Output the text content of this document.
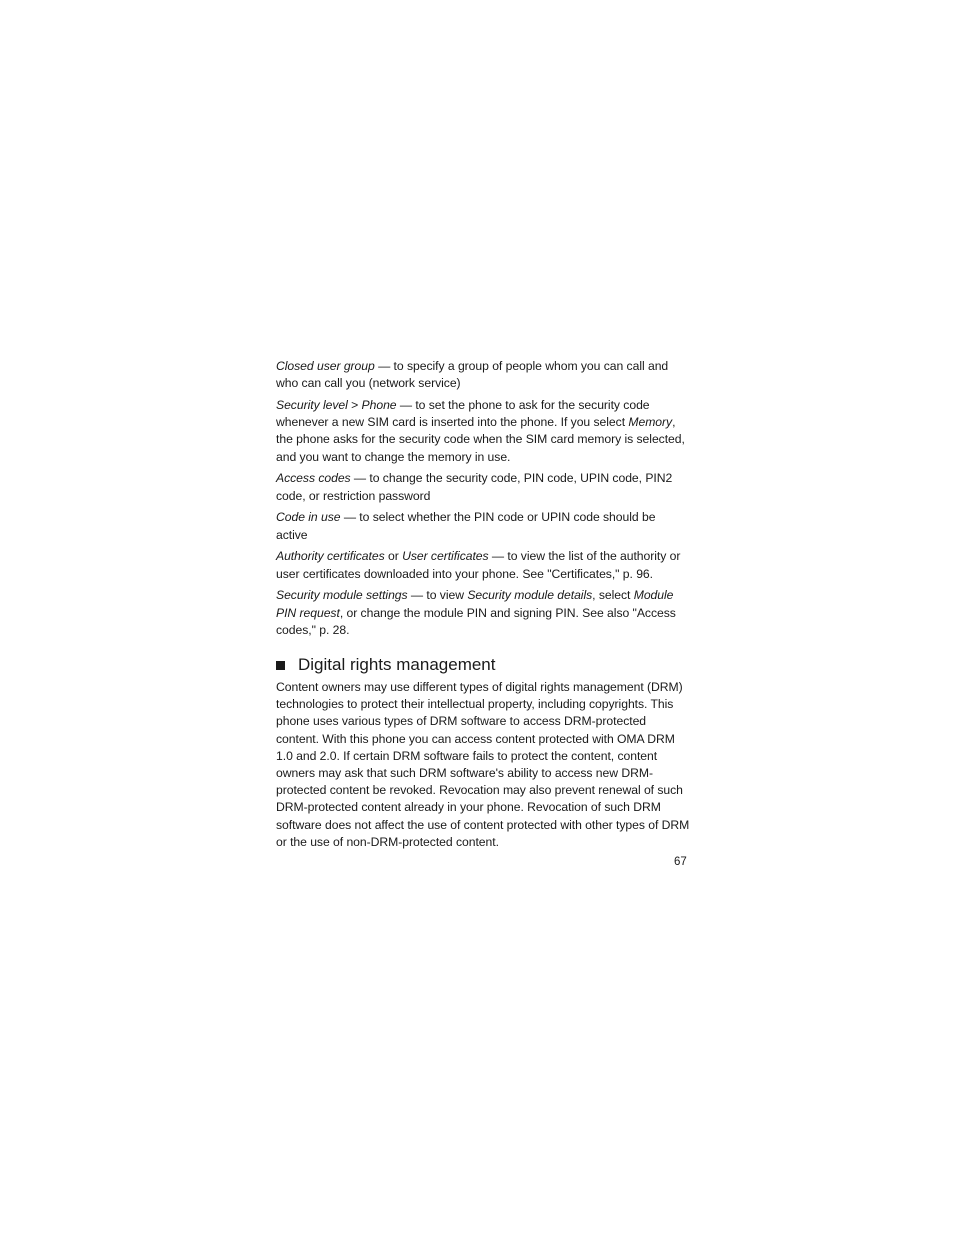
Closed user group — to specify a group of people whom you can call and who can call you (network service)

Security level > Phone — to set the phone to ask for the security code whenever a new SIM card is inserted into the phone. If you select Memory, the phone asks for the security code when the SIM card memory is selected, and you want to change the memory in use.

Access codes — to change the security code, PIN code, UPIN code, PIN2 code, or restriction password

Code in use — to select whether the PIN code or UPIN code should be active

Authority certificates or User certificates — to view the list of the authority or user certificates downloaded into your phone. See "Certificates," p. 96.

Security module settings — to view Security module details, select Module PIN request, or change the module PIN and signing PIN. See also "Access codes," p. 28.

Digital rights management

Content owners may use different types of digital rights management (DRM) technologies to protect their intellectual property, including copyrights. This phone uses various types of DRM software to access DRM-protected content. With this phone you can access content protected with OMA DRM 1.0 and 2.0. If certain DRM software fails to protect the content, content owners may ask that such DRM software's ability to access new DRM-protected content be revoked. Revocation may also prevent renewal of such DRM-protected content already in your phone. Revocation of such DRM software does not affect the use of content protected with other types of DRM or the use of non-DRM-protected content.

67
